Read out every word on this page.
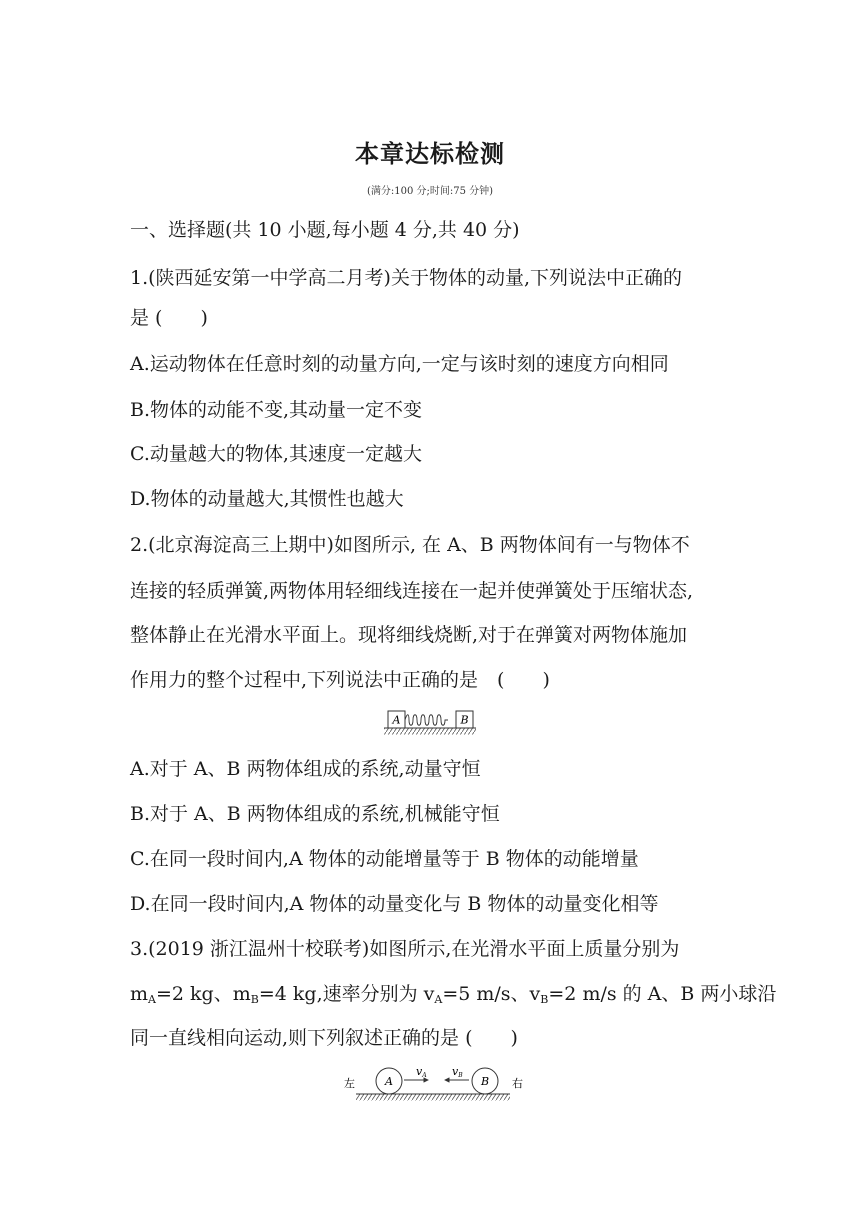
本章达标检测
(满分:100 分;时间:75 分钟)
一、选择题(共 10 小题,每小题 4 分,共 40 分)
1.(陕西延安第一中学高二月考)关于物体的动量,下列说法中正确的
是 (　　)
A.运动物体在任意时刻的动量方向,一定与该时刻的速度方向相同
B.物体的动能不变,其动量一定不变
C.动量越大的物体,其速度一定越大
D.物体的动量越大,其惯性也越大
2.(北京海淀高三上期中)如图所示, 在 A、B 两物体间有一与物体不
连接的轻质弹簧,两物体用轻细线连接在一起并使弹簧处于压缩状态,
整体静止在光滑水平面上。现将细线烧断,对于在弹簧对两物体施加
作用力的整个过程中,下列说法中正确的是　(　　)
A	B
A.对于 A、B 两物体组成的系统,动量守恒
B.对于 A、B 两物体组成的系统,机械能守恒
C.在同一段时间内,A 物体的动能增量等于 B 物体的动能增量
D.在同一段时间内,A 物体的动量变化与 B 物体的动量变化相等
3.(2019 浙江温州十校联考)如图所示,在光滑水平面上质量分别为
$m_A=2$ kg、$m_B=4$ kg,速率分别为 $v_A=5$ m/s、$v_B=2$ m/s 的 A、B 两小球沿
同一直线相向运动,则下列叙述正确的是 (　　)
左	右
A
vA vB B
